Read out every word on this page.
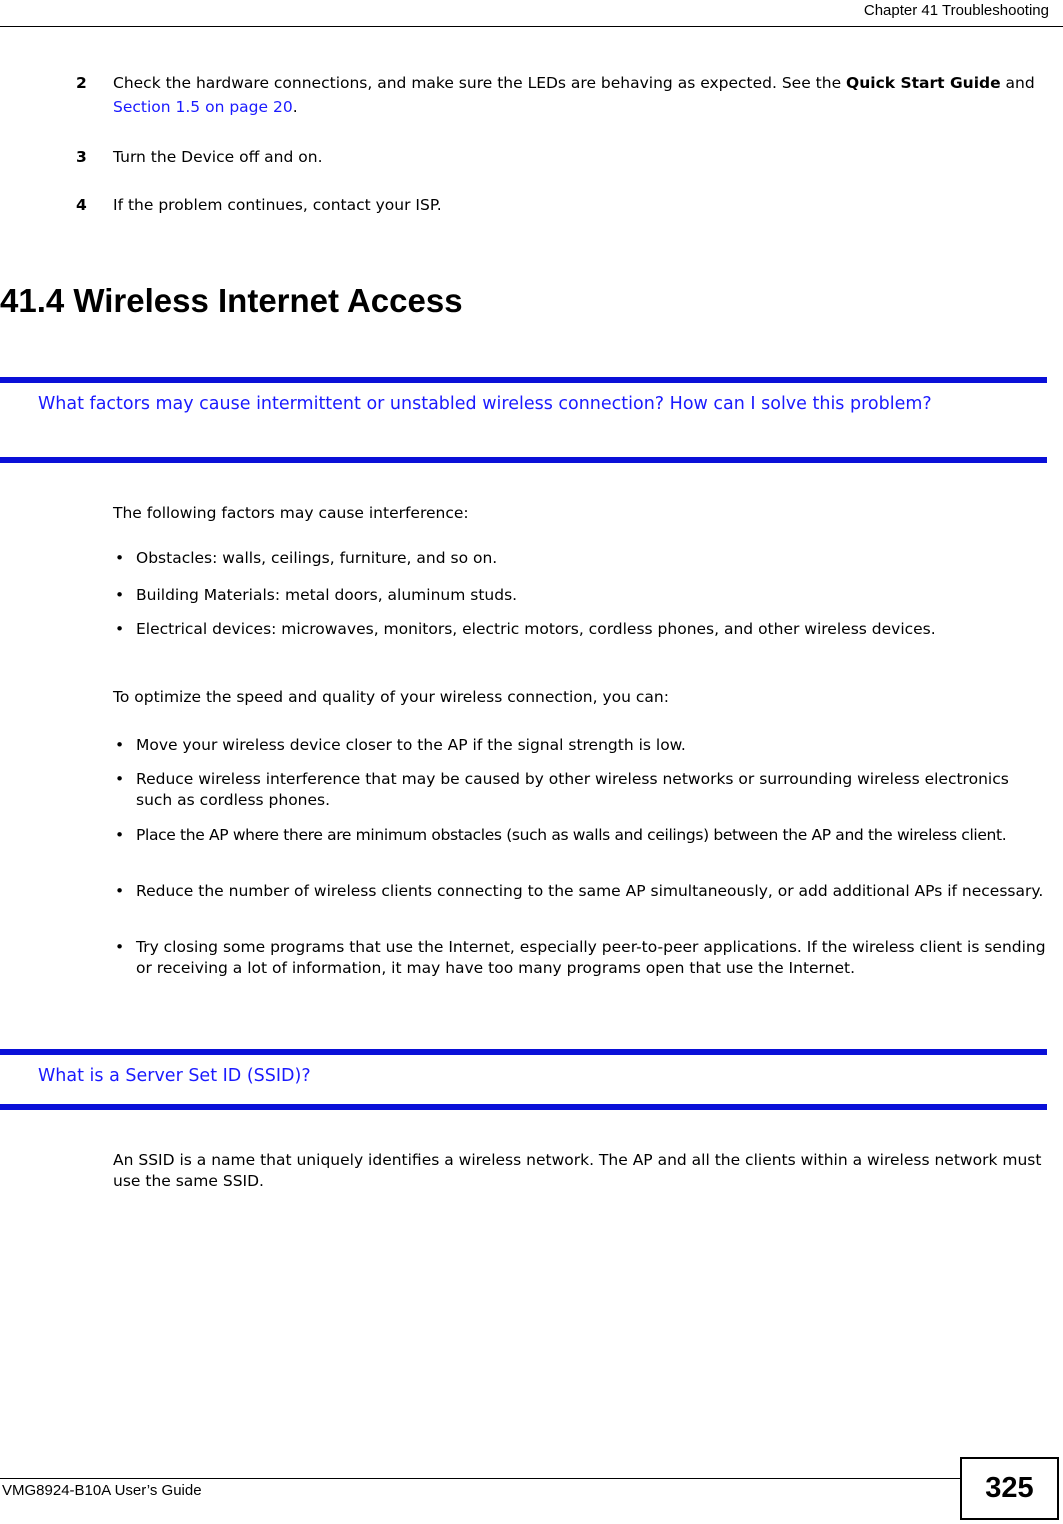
Chapter 41 Troubleshooting
2 Check the hardware connections, and make sure the LEDs are behaving as expected. See the Quick Start Guide and Section 1.5 on page 20.
3 Turn the Device off and on.
4 If the problem continues, contact your ISP.
41.4 Wireless Internet Access
What factors may cause intermittent or unstabled wireless connection? How can I solve this problem?
The following factors may cause interference:
• Obstacles: walls, ceilings, furniture, and so on.
• Building Materials: metal doors, aluminum studs.
• Electrical devices: microwaves, monitors, electric motors, cordless phones, and other wireless devices.
To optimize the speed and quality of your wireless connection, you can:
• Move your wireless device closer to the AP if the signal strength is low.
• Reduce wireless interference that may be caused by other wireless networks or surrounding wireless electronics such as cordless phones.
• Place the AP where there are minimum obstacles (such as walls and ceilings) between the AP and the wireless client.
• Reduce the number of wireless clients connecting to the same AP simultaneously, or add additional APs if necessary.
• Try closing some programs that use the Internet, especially peer-to-peer applications. If the wireless client is sending or receiving a lot of information, it may have too many programs open that use the Internet.
What is a Server Set ID (SSID)?
An SSID is a name that uniquely identifies a wireless network. The AP and all the clients within a wireless network must use the same SSID.
VMG8924-B10A User’s Guide	325
